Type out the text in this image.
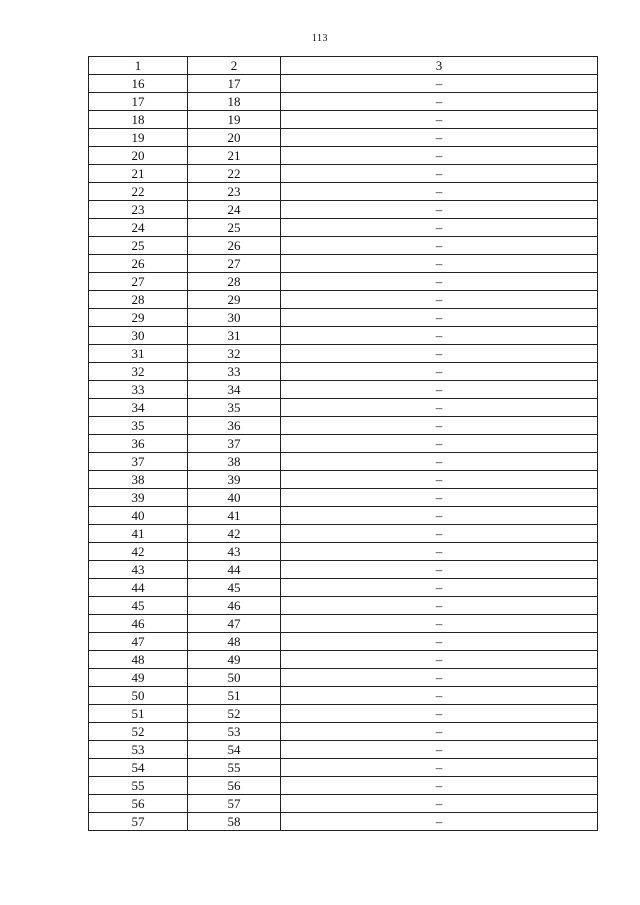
113
1	2	3
16	17	–
17	18	–
18	19	–
19	20	–
20	21	–
21	22	–
22	23	–
23	24	–
24	25	–
25	26	–
26	27	–
27	28	–
28	29	–
29	30	–
30	31	–
31	32	–
32	33	–
33	34	–
34	35	–
35	36	–
36	37	–
37	38	–
38	39	–
39	40	–
40	41	–
41	42	–
42	43	–
43	44	–
44	45	–
45	46	–
46	47	–
47	48	–
48	49	–
49	50	–
50	51	–
51	52	–
52	53	–
53	54	–
54	55	–
55	56	–
56	57	–
57	58	–
